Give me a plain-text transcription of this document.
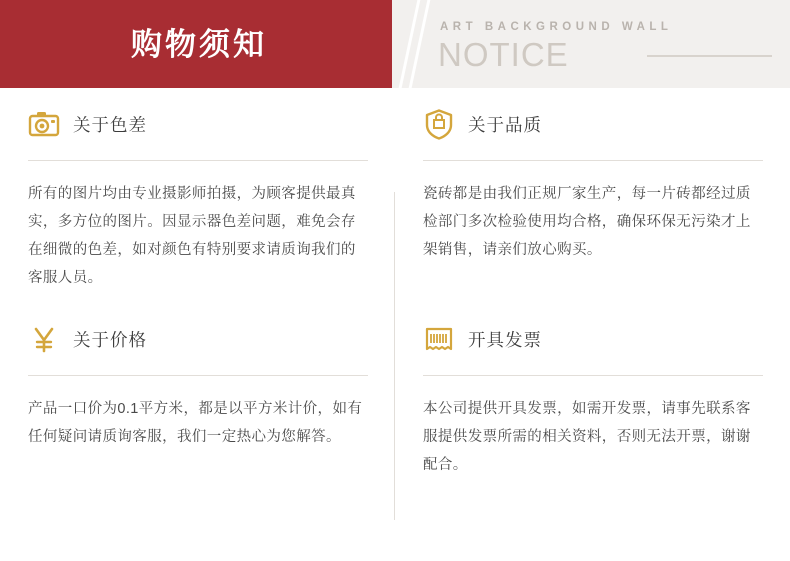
购物须知	ART BACKGROUND WALL
NOTICE
关于色差

所有的图片均由专业摄影师拍摄，为顾客提供最真实，多方位的图片。因显示器色差问题，难免会存在细微的色差，如对颜色有特别要求请质询我们的客服人员。

关于品质

瓷砖都是由我们正规厂家生产，每一片砖都经过质检部门多次检验使用均合格，确保环保无污染才上架销售，请亲们放心购买。

关于价格

产品一口价为0.1平方米，都是以平方米计价，如有任何疑问请质询客服，我们一定热心为您解答。

开具发票

本公司提供开具发票，如需开发票，请事先联系客服提供发票所需的相关资料，否则无法开票，谢谢配合。
